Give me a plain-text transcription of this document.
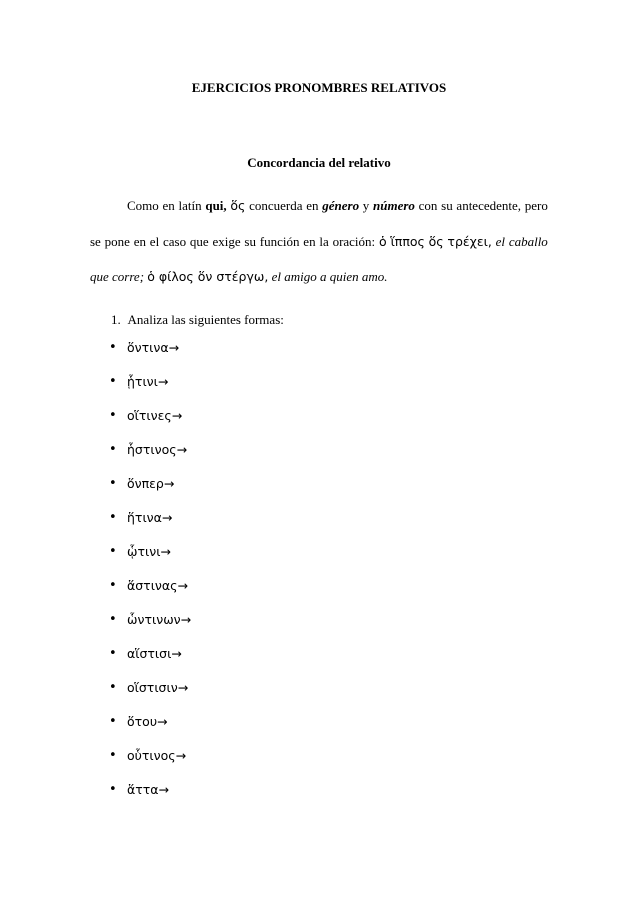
EJERCICIOS PRONOMBRES RELATIVOS
Concordancia del relativo
Como en latín qui, ὅς concuerda en género y número con su antecedente, pero
se pone en el caso que exige su función en la oración: ὁ ἵππος ὅς τρέχει, el caballo
que corre; ὁ φίλος ὅν στέργω, el amigo a quien amo.
1. Analiza las siguientes formas:
• ὅντινα→
• ᾗτινι→
• οἵτινες→
• ἧστινος→
• ὅνπερ→
• ἥτινα→
• ᾧτινι→
• ἅστινας→
• ὧντινων→
• αἵστισι→
• οἵστισιν→
• ὅτου→
• οὗτινος→
• ἅττα→
